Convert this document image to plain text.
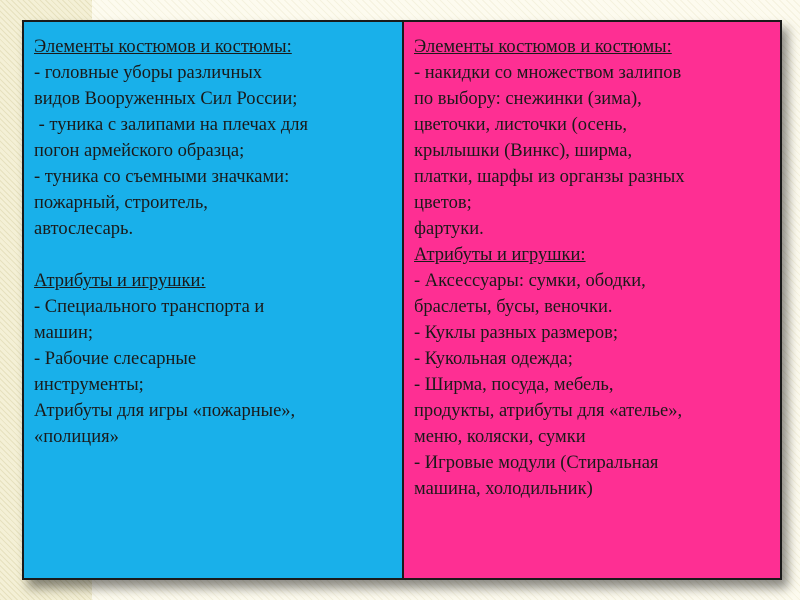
Элементы костюмов и костюмы:
- головные уборы различных
видов Вооруженных Сил России;
- туника с залипами на плечах для
погон армейского образца;
- туника со съемными значками:
пожарный, строитель,
автослесарь.
Атрибуты и игрушки:
- Специального транспорта и
машин;
- Рабочие слесарные
инструменты;
Атрибуты для игры «пожарные»,
«полиция»
Элементы костюмов и костюмы:
- накидки со множеством залипов
по выбору: снежинки (зима),
цветочки, листочки (осень,
крылышки (Винкс), ширма,
платки, шарфы из органзы разных
цветов;
фартуки.
Атрибуты и игрушки:
- Аксессуары: сумки, ободки,
браслеты, бусы, веночки.
- Куклы разных размеров;
- Кукольная одежда;
- Ширма, посуда, мебель,
продукты, атрибуты для «ателье»,
меню, коляски, сумки
- Игровые модули (Стиральная
машина, холодильник)
